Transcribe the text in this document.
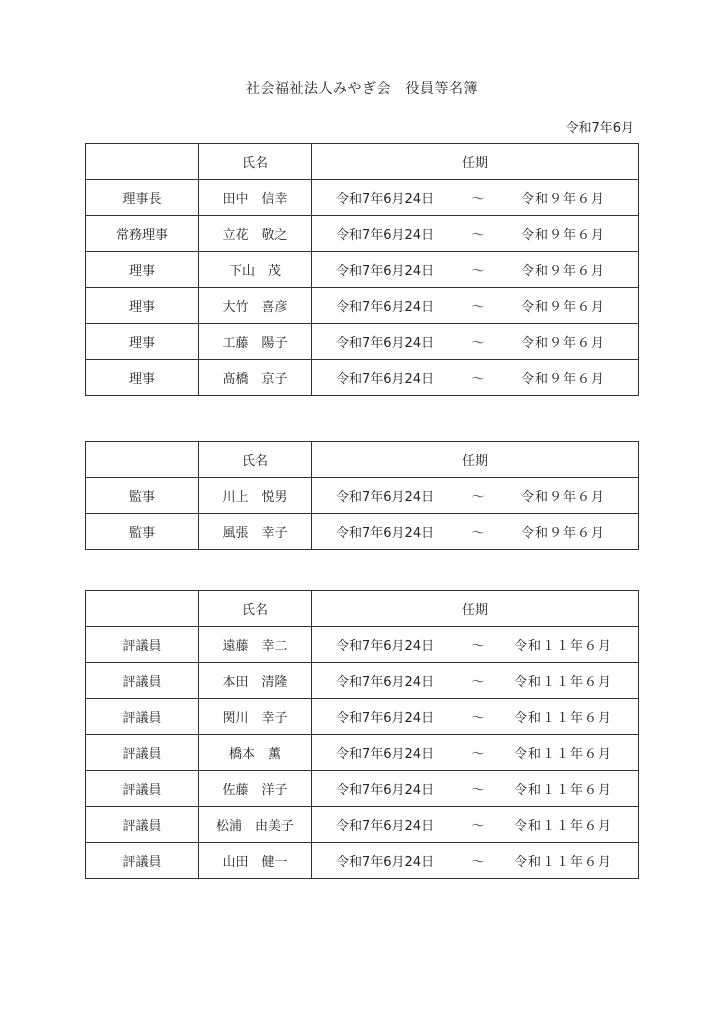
社会福祉法人みやぎ会　役員等名簿
令和7年6月
	氏名	任期
理事長	田中　信幸	令和7年6月24日 ～ 令和９年６月

常務理事	立花　敬之	令和7年6月24日 ～ 令和９年６月

理事	下山　茂	令和7年6月24日 ～ 令和９年６月

理事	大竹　喜彦	令和7年6月24日 ～ 令和９年６月

理事	工藤　陽子	令和7年6月24日 ～ 令和９年６月

理事	髙橋　京子	令和7年6月24日 ～ 令和９年６月
	氏名	任期
監事	川上　悦男	令和7年6月24日 ～ 令和９年６月

監事	風張　幸子	令和7年6月24日 ～ 令和９年６月
	氏名	任期
評議員	遠藤　幸二	令和7年6月24日 ～ 令和１１年６月

評議員	本田　清隆	令和7年6月24日 ～ 令和１１年６月

評議員	関川　幸子	令和7年6月24日 ～ 令和１１年６月

評議員	橋本　薫	令和7年6月24日 ～ 令和１１年６月

評議員	佐藤　洋子	令和7年6月24日 ～ 令和１１年６月

評議員	松浦　由美子	令和7年6月24日 ～ 令和１１年６月

評議員	山田　健一	令和7年6月24日 ～ 令和１１年６月
